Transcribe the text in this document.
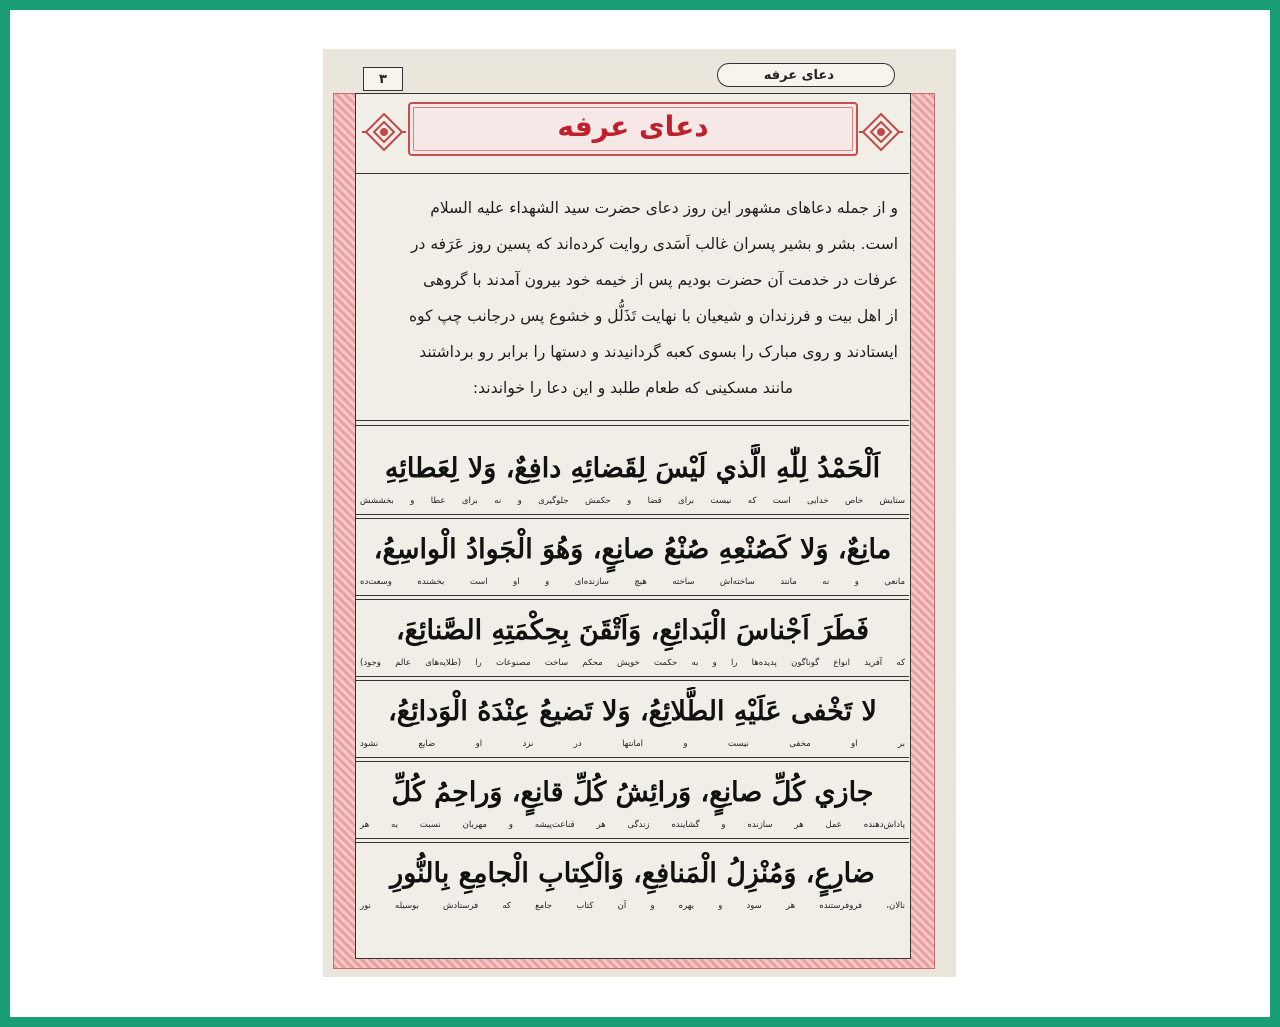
دعای عرفه
۳
دعای عرفه

و از جمله دعاهای مشهور این روز دعای حضرت سید الشهداء علیه السلام

است. بشر و بشیر پسران غالب اَسَدی روایت کرده‌اند که پسین روز عَرَفه در

عرفات در خدمت آن حضرت بودیم پس از خیمه خود بیرون آمدند با گروهی

از اهل بیت و فرزندان و شیعیان با نهایت تَذَلُّل و خشوع پس درجانب چپ کوه

ایستادند و روی مبارک را بسوی کعبه گردانیدند و دستها را برابر رو برداشتند

مانند مسکینی که طعام طلبد و این دعا را خواندند:

اَلْحَمْدُ لِلّٰهِ الَّذي لَيْسَ لِقَضائِهِ دافِعٌ، وَلا لِعَطائِهِ
ستایش خاص خدایی است که نیست برای قضا و حکمش جلوگیری و نه برای عطا و بخششش
مانِعٌ، وَلا كَصُنْعِهِ صُنْعُ صانِعٍ، وَهُوَ الْجَوادُ الْواسِعُ،
مانعی و نه مانند ساخته‌اش ساخته هیچ سازنده‌ای و او است بخشنده وسعت‌ده
فَطَرَ اَجْناسَ الْبَدائِعِ، وَاَتْقَنَ بِحِكْمَتِهِ الصَّنائِعَ،
که آفرید انواع گوناگون پدیده‌ها را و به حکمت خویش محکم ساخت مصنوعات را (طلایه‌های عالم وجود)
لا تَخْفى عَلَيْهِ الطَّلائِعُ، وَلا تَضيعُ عِنْدَهُ الْوَدائِعُ،
بر او مخفی نیست و امانتها در نزد او ضایع نشود
جازي كُلِّ صانِعٍ، وَرائِشُ كُلِّ قانِعٍ، وَراحِمُ كُلِّ
پاداش‌دهنده عمل هر سازنده و گشاینده زندگی هر قناعت‌پیشه و مهربان نسبت به هر
ضارِعٍ، وَمُنْزِلُ الْمَنافِعِ، وَالْكِتابِ الْجامِعِ بِالنُّورِ
نالان، فروفرستنده هر سود و بهره و آن کتاب جامع که فرستادش بوسیله نور
